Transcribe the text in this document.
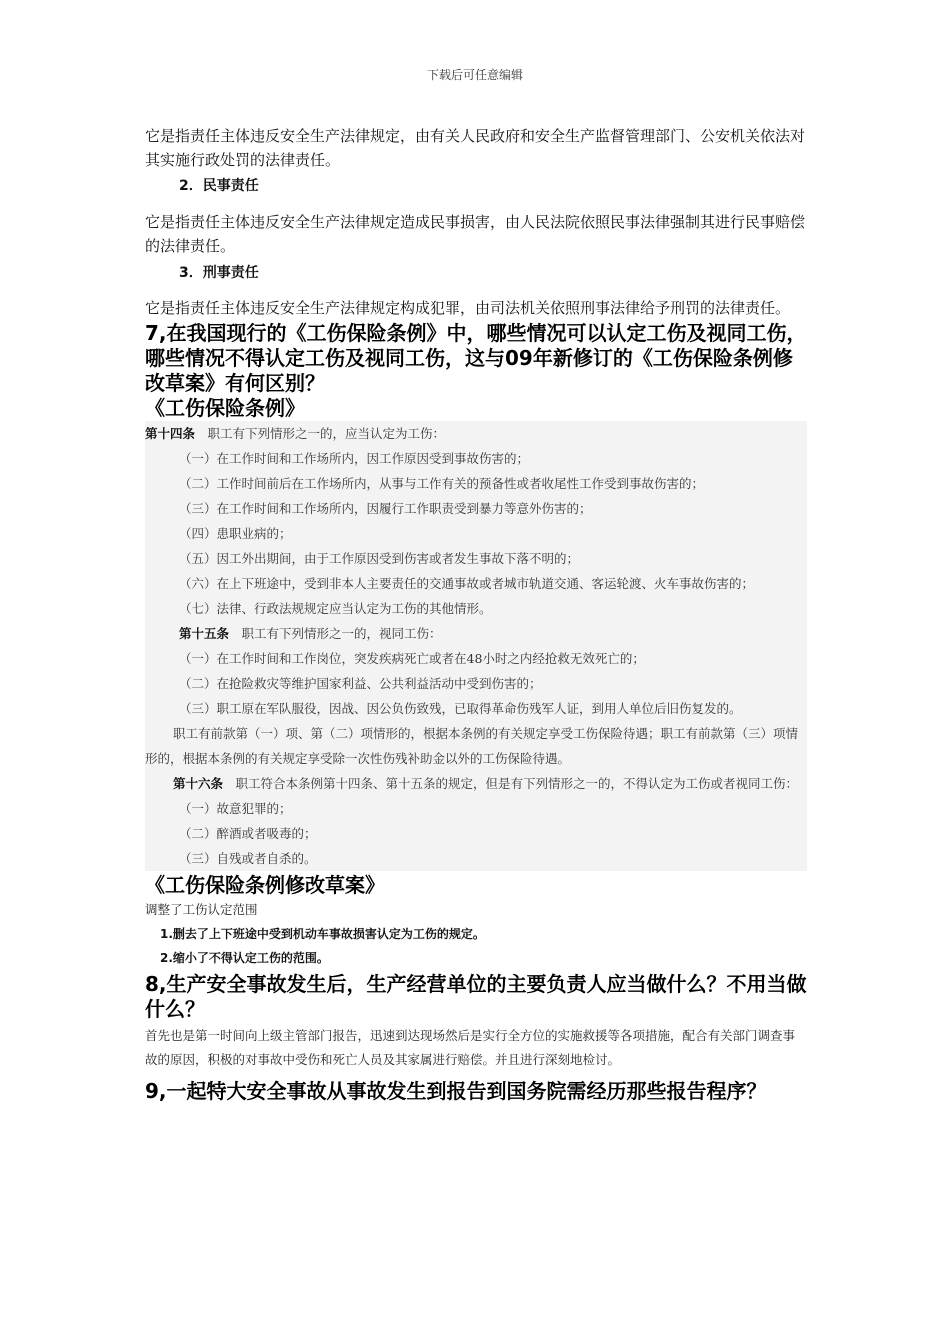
下载后可任意编辑

它是指责任主体违反安全生产法律规定，由有关人民政府和安全生产监督管理部门、公安机关依法对其实施行政处罚的法律责任。

2．民事责任

它是指责任主体违反安全生产法律规定造成民事损害，由人民法院依照民事法律强制其进行民事赔偿的法律责任。

3．刑事责任

它是指责任主体违反安全生产法律规定构成犯罪，由司法机关依照刑事法律给予刑罚的法律责任。

7,在我国现行的《工伤保险条例》中，哪些情况可以认定工伤及视同工伤，哪些情况不得认定工伤及视同工伤，这与09年新修订的《工伤保险条例修改草案》有何区别？

《工伤保险条例》

第十四条　职工有下列情形之一的，应当认定为工伤：

（一）在工作时间和工作场所内，因工作原因受到事故伤害的；

（二）工作时间前后在工作场所内，从事与工作有关的预备性或者收尾性工作受到事故伤害的；

（三）在工作时间和工作场所内，因履行工作职责受到暴力等意外伤害的；

（四）患职业病的；

（五）因工外出期间，由于工作原因受到伤害或者发生事故下落不明的；

（六）在上下班途中，受到非本人主要责任的交通事故或者城市轨道交通、客运轮渡、火车事故伤害的；

（七）法律、行政法规规定应当认定为工伤的其他情形。

第十五条　职工有下列情形之一的，视同工伤：

（一）在工作时间和工作岗位，突发疾病死亡或者在48小时之内经抢救无效死亡的；

（二）在抢险救灾等维护国家利益、公共利益活动中受到伤害的；

（三）职工原在军队服役，因战、因公负伤致残，已取得革命伤残军人证，到用人单位后旧伤复发的。

职工有前款第（一）项、第（二）项情形的，根据本条例的有关规定享受工伤保险待遇；职工有前款第（三）项情形的，根据本条例的有关规定享受除一次性伤残补助金以外的工伤保险待遇。

第十六条　职工符合本条例第十四条、第十五条的规定，但是有下列情形之一的，不得认定为工伤或者视同工伤：

（一）故意犯罪的；

（二）醉酒或者吸毒的；

（三）自残或者自杀的。

《工伤保险条例修改草案》

调整了工伤认定范围

1.删去了上下班途中受到机动车事故损害认定为工伤的规定。

2.缩小了不得认定工伤的范围。

8,生产安全事故发生后，生产经营单位的主要负责人应当做什么？不用当做什么？

首先也是第一时间向上级主管部门报告，迅速到达现场然后是实行全方位的实施救援等各项措施，配合有关部门调查事故的原因，积极的对事故中受伤和死亡人员及其家属进行赔偿。并且进行深刻地检讨。

9,一起特大安全事故从事故发生到报告到国务院需经历那些报告程序？
